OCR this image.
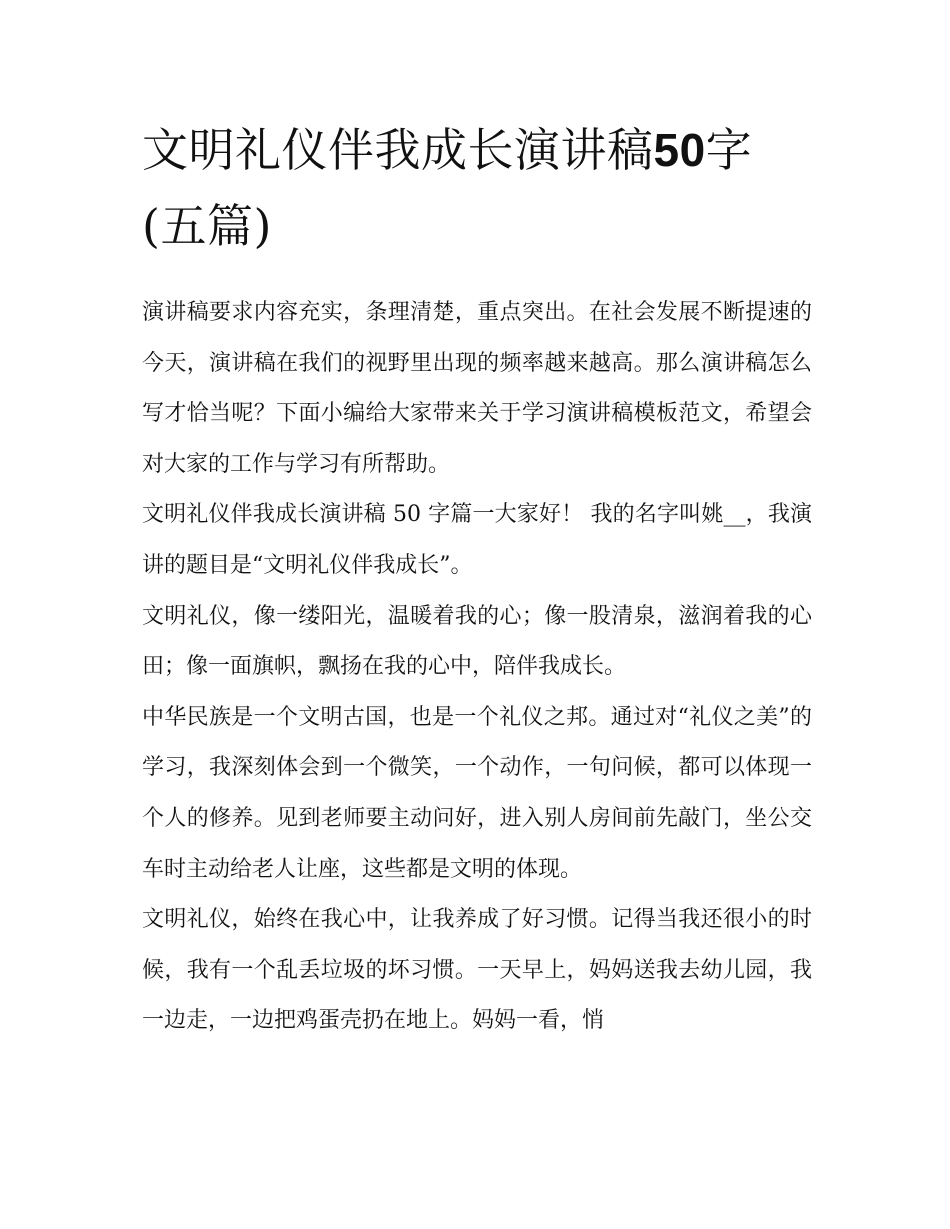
文明礼仪伴我成长演讲稿50字(五篇)

演讲稿要求内容充实，条理清楚，重点突出。在社会发展不断提速的今天，演讲稿在我们的视野里出现的频率越来越高。那么演讲稿怎么写才恰当呢？下面小编给大家带来关于学习演讲稿模板范文，希望会对大家的工作与学习有所帮助。

文明礼仪伴我成长演讲稿 50 字篇一大家好！ 我的名字叫姚__，我演讲的题目是“文明礼仪伴我成长”。

文明礼仪，像一缕阳光，温暖着我的心；像一股清泉，滋润着我的心田；像一面旗帜，飘扬在我的心中，陪伴我成长。

中华民族是一个文明古国，也是一个礼仪之邦。通过对“礼仪之美”的学习，我深刻体会到一个微笑，一个动作，一句问候，都可以体现一个人的修养。见到老师要主动问好，进入别人房间前先敲门，坐公交车时主动给老人让座，这些都是文明的体现。

文明礼仪，始终在我心中，让我养成了好习惯。记得当我还很小的时候，我有一个乱丢垃圾的坏习惯。一天早上，妈妈送我去幼儿园，我一边走，一边把鸡蛋壳扔在地上。妈妈一看，悄
